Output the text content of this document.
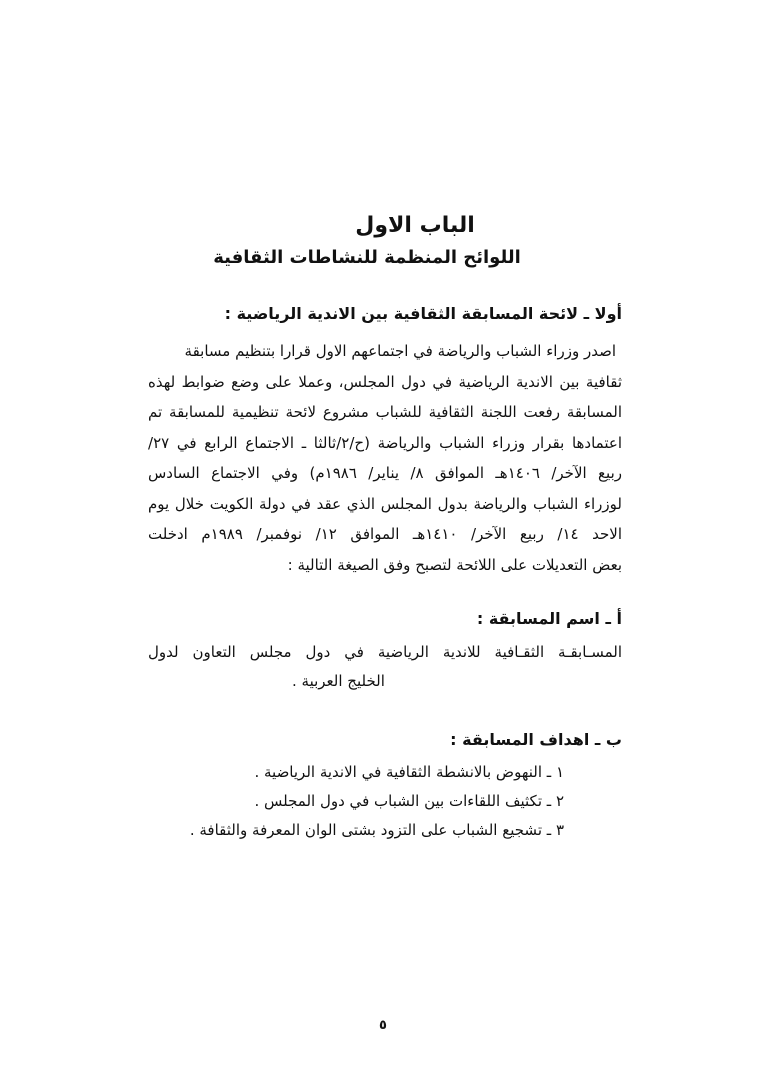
الباب الاول
اللوائح المنظمة للنشاطات الثقافية
أولا ـ لائحة المسابقة الثقافية بين الاندية الرياضية :
اصدر وزراء الشباب والرياضة في اجتماعهم الاول قرارا بتنظيم مسابقة
ثقافية بين الاندية الرياضية في دول المجلس، وعملا على وضع ضوابط لهذه
المسابقة رفعت اللجنة الثقافية للشباب مشروع لائحة تنظيمية للمسابقة تم
اعتمادها بقرار وزراء الشباب والرياضة (ح/٢/ثالثا ـ الاجتماع الرابع في ٢٧/
ربيع الآخر/ ١٤٠٦هـ الموافق ٨/ يناير/ ١٩٨٦م) وفي الاجتماع السادس
لوزراء الشباب والرياضة بدول المجلس الذي عقد في دولة الكويت خلال يوم
الاحد ١٤/ ربيع الآخر/ ١٤١٠هـ الموافق ١٢/ نوفمبر/ ١٩٨٩م ادخلت
بعض التعديلات على اللائحة لتصبح وفق الصيغة التالية :
أ ـ اسم المسابقة :
المسـابقـة الثقـافية للاندية الرياضية في دول مجلس التعاون لدول
الخليج العربية .
ب ـ اهداف المسابقة :
١ ـ النهوض بالانشطة الثقافية في الاندية الرياضية .
٢ ـ تكثيف اللقاءات بين الشباب في دول المجلس .
٣ ـ تشجيع الشباب على التزود بشتى الوان المعرفة والثقافة .
٥
